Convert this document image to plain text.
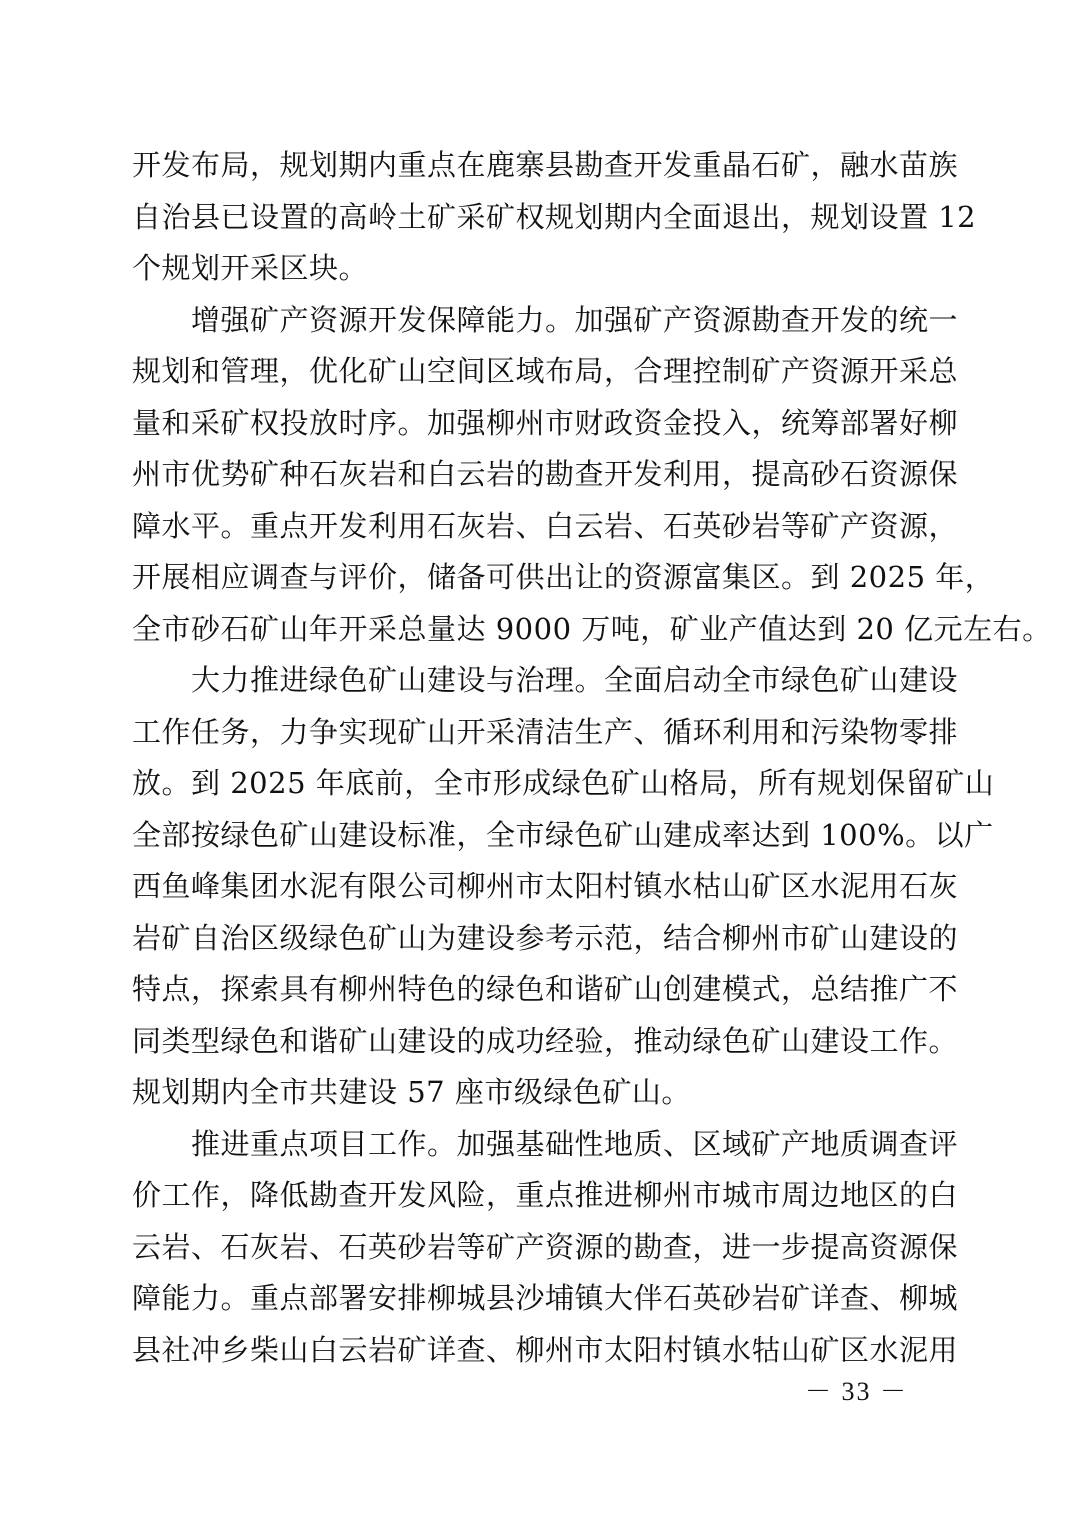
开发布局，规划期内重点在鹿寨县勘查开发重晶石矿，融水苗族
自治县已设置的高岭土矿采矿权规划期内全面退出，规划设置 12
个规划开采区块。
　　增强矿产资源开发保障能力。加强矿产资源勘查开发的统一
规划和管理，优化矿山空间区域布局，合理控制矿产资源开采总
量和采矿权投放时序。加强柳州市财政资金投入，统筹部署好柳
州市优势矿种石灰岩和白云岩的勘查开发利用，提高砂石资源保
障水平。重点开发利用石灰岩、白云岩、石英砂岩等矿产资源，
开展相应调查与评价，储备可供出让的资源富集区。到 2025 年，
全市砂石矿山年开采总量达 9000 万吨，矿业产值达到 20 亿元左右。
　　大力推进绿色矿山建设与治理。全面启动全市绿色矿山建设
工作任务，力争实现矿山开采清洁生产、循环利用和污染物零排
放。到 2025 年底前，全市形成绿色矿山格局，所有规划保留矿山
全部按绿色矿山建设标准，全市绿色矿山建成率达到 100%。以广
西鱼峰集团水泥有限公司柳州市太阳村镇水枯山矿区水泥用石灰
岩矿自治区级绿色矿山为建设参考示范，结合柳州市矿山建设的
特点，探索具有柳州特色的绿色和谐矿山创建模式，总结推广不
同类型绿色和谐矿山建设的成功经验，推动绿色矿山建设工作。
规划期内全市共建设 57 座市级绿色矿山。
　　推进重点项目工作。加强基础性地质、区域矿产地质调查评
价工作，降低勘查开发风险，重点推进柳州市城市周边地区的白
云岩、石灰岩、石英砂岩等矿产资源的勘查，进一步提高资源保
障能力。重点部署安排柳城县沙埔镇大伴石英砂岩矿详查、柳城
县社冲乡柴山白云岩矿详查、柳州市太阳村镇水牯山矿区水泥用
－ 33 －
